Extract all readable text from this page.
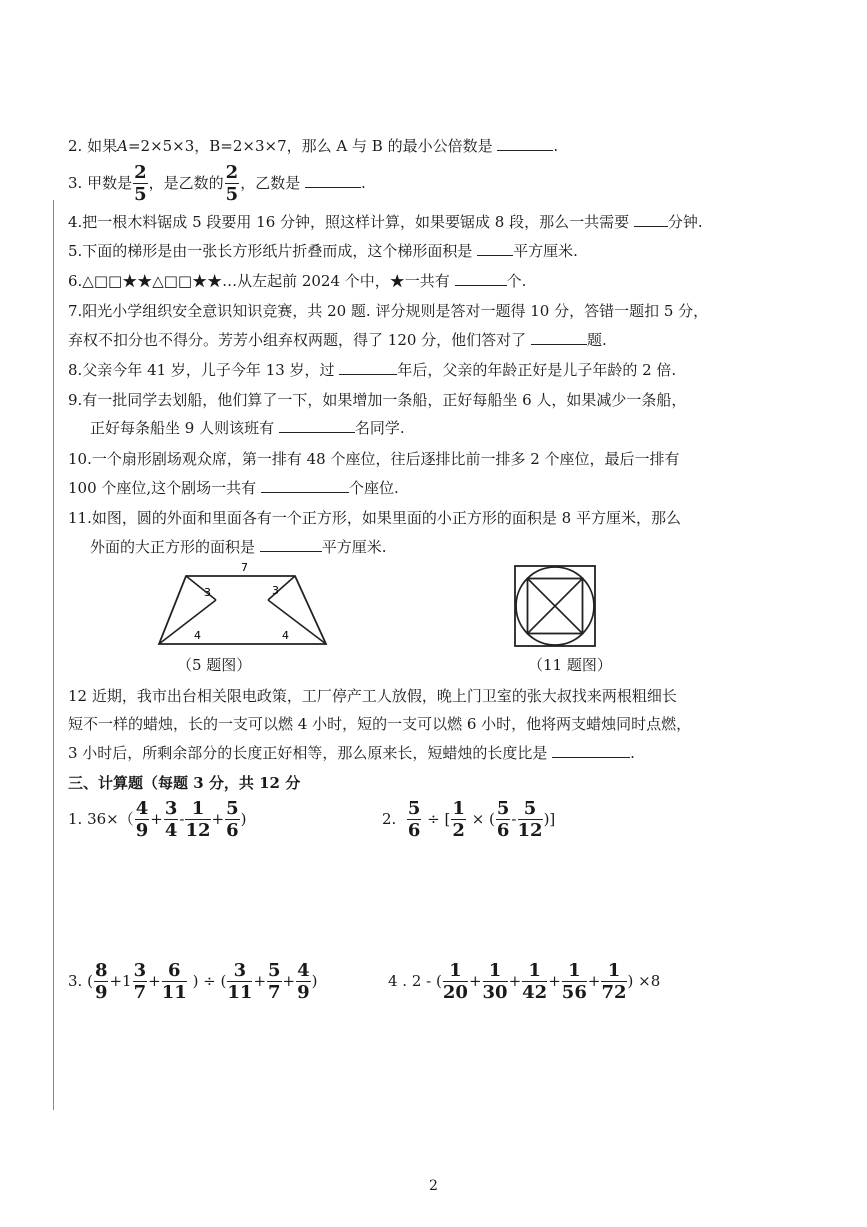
2. 如果A=2×5×3，B=2×3×7，那么 A 与 B 的最小公倍数是	.
3. 甲数是 $\frac{2}{5}$ ，是乙数的 $\frac{2}{5}$ ，乙数是	.
4.把一根木料锯成 5 段要用 16 分钟，照这样计算，如果要锯成 8 段，那么一共需要	分钟.
5.下面的梯形是由一张长方形纸片折叠而成，这个梯形面积是	平方厘米.
6.△□□★★△□□★★…从左起前 2024 个中，★一共有	个.
7.阳光小学组织安全意识知识竞赛，共 20 题. 评分规则是答对一题得 10 分，答错一题扣 5 分，
弃权不扣分也不得分。芳芳小组弃权两题，得了 120 分，他们答对了	题.
8.父亲今年 41 岁，儿子今年 13 岁，过	年后，父亲的年龄正好是儿子年龄的 2 倍.
9.有一批同学去划船，他们算了一下，如果增加一条船，正好每船坐 6 人，如果减少一条船，
正好每条船坐 9 人则该班有	名同学.
10.一个扇形剧场观众席，第一排有 48 个座位，往后逐排比前一排多 2 个座位，最后一排有
100 个座位,这个剧场一共有	个座位.
11.如图，圆的外面和里面各有一个正方形，如果里面的小正方形的面积是 8 平方厘米，那么
外面的大正方形的面积是	平方厘米.
7
3	3
4	4
（5 题图）	（11 题图）
12 近期，我市出台相关限电政策，工厂停产工人放假，晚上门卫室的张大叔找来两根粗细长
短不一样的蜡烛，长的一支可以燃 4 小时，短的一支可以燃 6 小时，他将两支蜡烛同时点燃，
3 小时后，所剩余部分的长度正好相等，那么原来长，短蜡烛的长度比是	.
三、计算题（每题 3 分，共 12 分
1. $36\times( \frac{4}{9} + \frac{3}{4} - \frac{1}{12} + \frac{5}{6}$ )	2. $\frac{5}{6}$ ÷ [ $\frac{1}{2}$ × ( $\frac{5}{6} - \frac{5}{12}$ )]
3. ( $\frac{8}{9} +1 \frac{3}{7} + \frac{6}{11}$ ) ÷ ( $\frac{3}{11} + \frac{5}{7} + \frac{4}{9}$ )	4 . 2 - ( $\frac{1}{20} + \frac{1}{30} + \frac{1}{42} + \frac{1}{56} + \frac{1}{72}$ ) ×8
2
